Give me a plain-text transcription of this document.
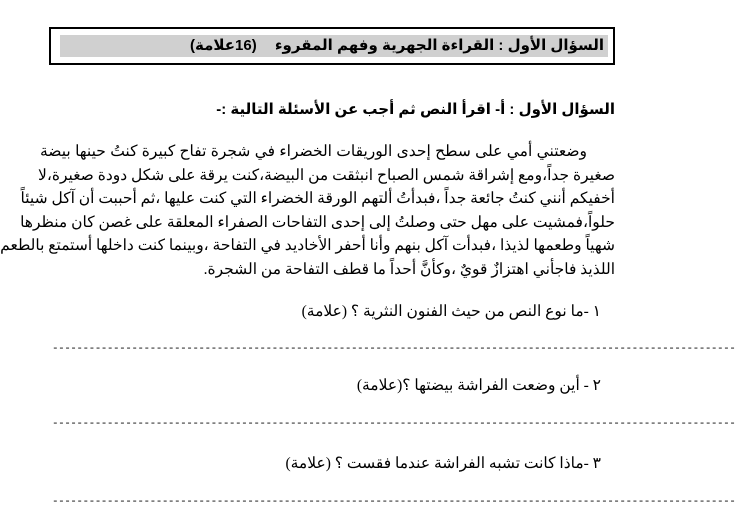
السؤال الأول : القراءة الجهرية وفهم المقروء (16علامة)
السؤال الأول : أ- اقرأ النص ثم أجب عن الأسئلة التالية :-
وضعتني أمي على سطح إحدى الوريقات الخضراء في شجرة تفاح كبيرة كنتُ حينها بيضة
صغيرة جداً،ومع إشراقة شمس الصباح انبثقت من البيضة،كنت يرقة على شكل دودة صغيرة،لا
أخفيكم أنني كنتُ جائعة جداً ،فبدأتُ ألتهم الورقة الخضراء التي كنت عليها ،ثم أحببت أن آكل شيئاً
حلواً،فمشيت على مهل حتى وصلتُ إلى إحدى التفاحات الصفراء المعلقة على غصن كان منظرها
شهياً وطعمها لذيذا ،فبدأت آكل بنهم وأنا أحفر الأخاديد في التفاحة ،وبينما كنت داخلها أستمتع بالطعم
اللذيذ فاجأني اهتزازٌ قويٌ ،وكأنَّ أحداً ما قطف التفاحة من الشجرة.
١ -ما نوع النص من حيث الفنون النثرية ؟ (علامة)
----------------------------------------------------------------------------------------------------------------
٢ - أين وضعت الفراشة بيضتها ؟(علامة)
----------------------------------------------------------------------------------------------------------------
٣ -ماذا كانت تشبه الفراشة عندما فقست ؟ (علامة)
----------------------------------------------------------------------------------------------------------------
